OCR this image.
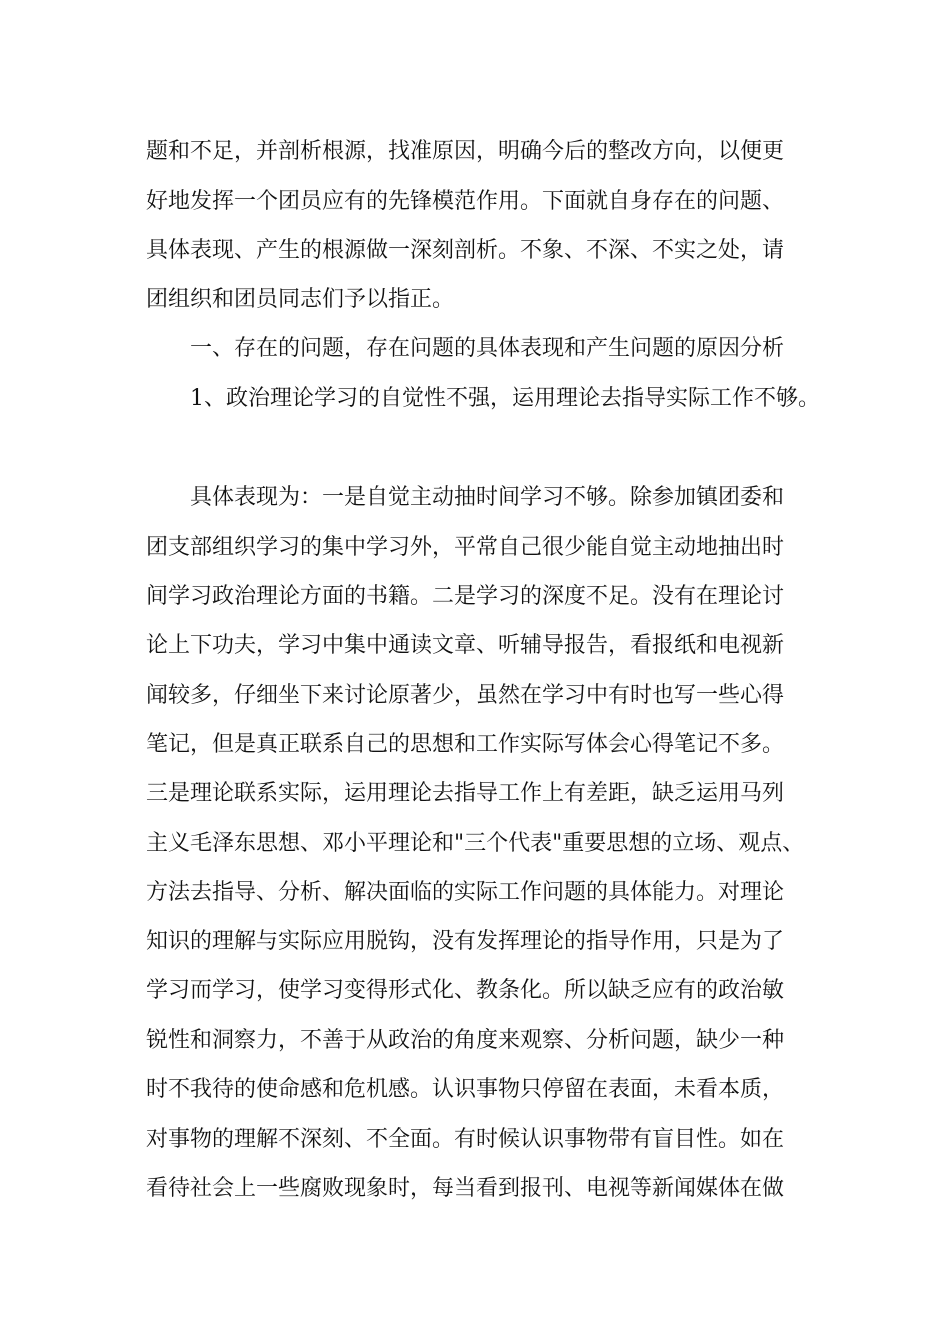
题和不足，并剖析根源，找准原因，明确今后的整改方向，以便更
好地发挥一个团员应有的先锋模范作用。下面就自身存在的问题、
具体表现、产生的根源做一深刻剖析。不象、不深、不实之处，请
团组织和团员同志们予以指正。
一、存在的问题，存在问题的具体表现和产生问题的原因分析
1、政治理论学习的自觉性不强，运用理论去指导实际工作不够。
具体表现为：一是自觉主动抽时间学习不够。除参加镇团委和
团支部组织学习的集中学习外，平常自己很少能自觉主动地抽出时
间学习政治理论方面的书籍。二是学习的深度不足。没有在理论讨
论上下功夫，学习中集中通读文章、听辅导报告，看报纸和电视新
闻较多，仔细坐下来讨论原著少，虽然在学习中有时也写一些心得
笔记，但是真正联系自己的思想和工作实际写体会心得笔记不多。
三是理论联系实际，运用理论去指导工作上有差距，缺乏运用马列
主义毛泽东思想、邓小平理论和"三个代表"重要思想的立场、观点、
方法去指导、分析、解决面临的实际工作问题的具体能力。对理论
知识的理解与实际应用脱钩，没有发挥理论的指导作用，只是为了
学习而学习，使学习变得形式化、教条化。所以缺乏应有的政治敏
锐性和洞察力，不善于从政治的角度来观察、分析问题，缺少一种
时不我待的使命感和危机感。认识事物只停留在表面，未看本质，
对事物的理解不深刻、不全面。有时候认识事物带有盲目性。如在
看待社会上一些腐败现象时，每当看到报刊、电视等新闻媒体在做
